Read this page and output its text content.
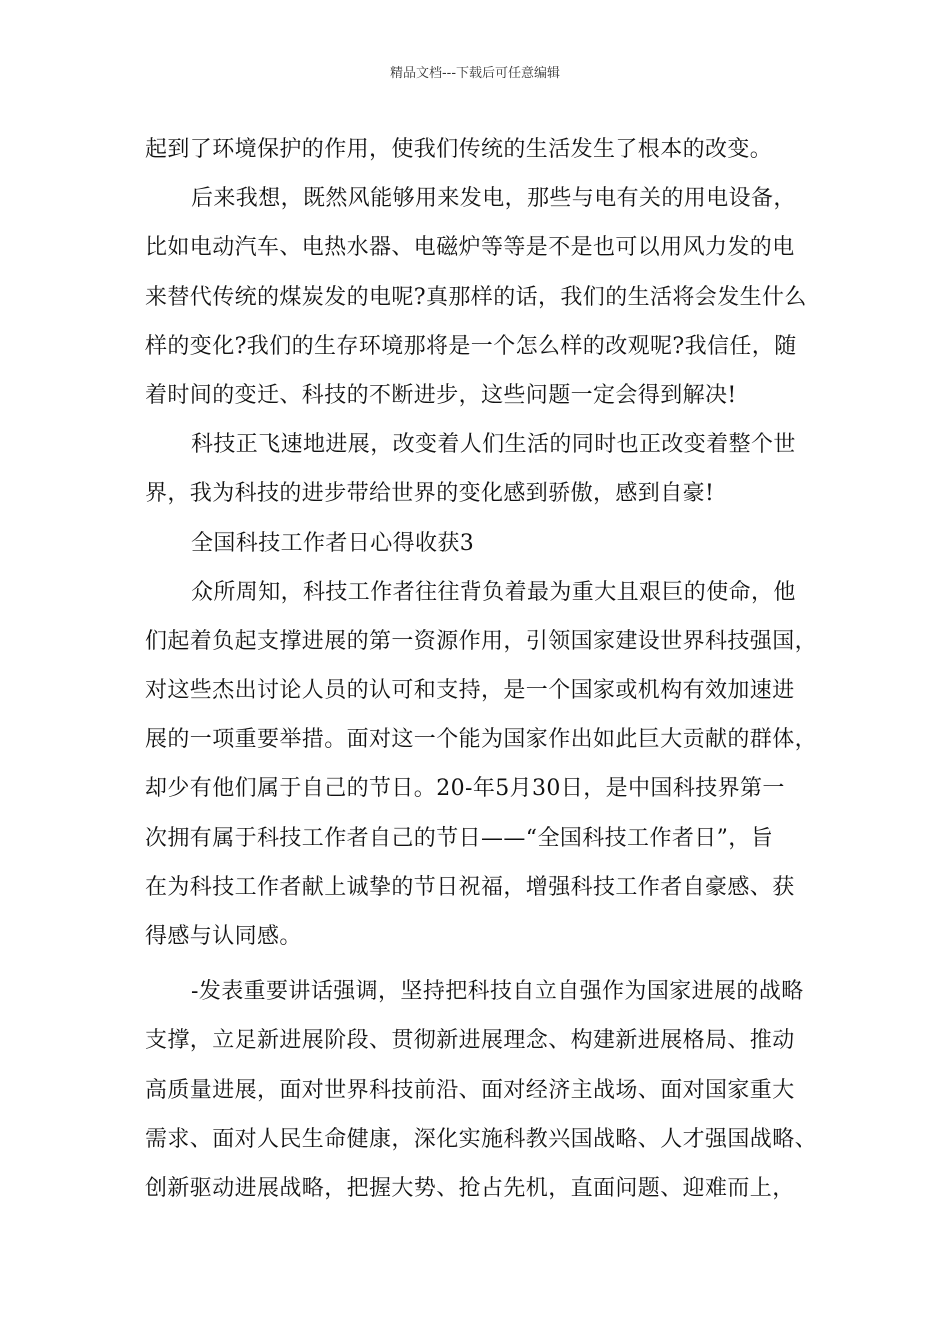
精品文档---下载后可任意编辑
起到了环境保护的作用，使我们传统的生活发生了根本的改变。
后来我想，既然风能够用来发电，那些与电有关的用电设备，
比如电动汽车、电热水器、电磁炉等等是不是也可以用风力发的电
来替代传统的煤炭发的电呢?真那样的话，我们的生活将会发生什么
样的变化?我们的生存环境那将是一个怎么样的改观呢?我信任，随
着时间的变迁、科技的不断进步，这些问题一定会得到解决!
科技正飞速地进展，改变着人们生活的同时也正改变着整个世
界，我为科技的进步带给世界的变化感到骄傲，感到自豪!
全国科技工作者日心得收获3
众所周知，科技工作者往往背负着最为重大且艰巨的使命，他
们起着负起支撑进展的第一资源作用，引领国家建设世界科技强国，
对这些杰出讨论人员的认可和支持，是一个国家或机构有效加速进
展的一项重要举措。面对这一个能为国家作出如此巨大贡献的群体，
却少有他们属于自己的节日。20-年5月30日，是中国科技界第一
次拥有属于科技工作者自己的节日——“全国科技工作者日”，旨
在为科技工作者献上诚挚的节日祝福，增强科技工作者自豪感、获
得感与认同感。
-发表重要讲话强调，坚持把科技自立自强作为国家进展的战略
支撑，立足新进展阶段、贯彻新进展理念、构建新进展格局、推动
高质量进展，面对世界科技前沿、面对经济主战场、面对国家重大
需求、面对人民生命健康，深化实施科教兴国战略、人才强国战略、
创新驱动进展战略，把握大势、抢占先机，直面问题、迎难而上，
